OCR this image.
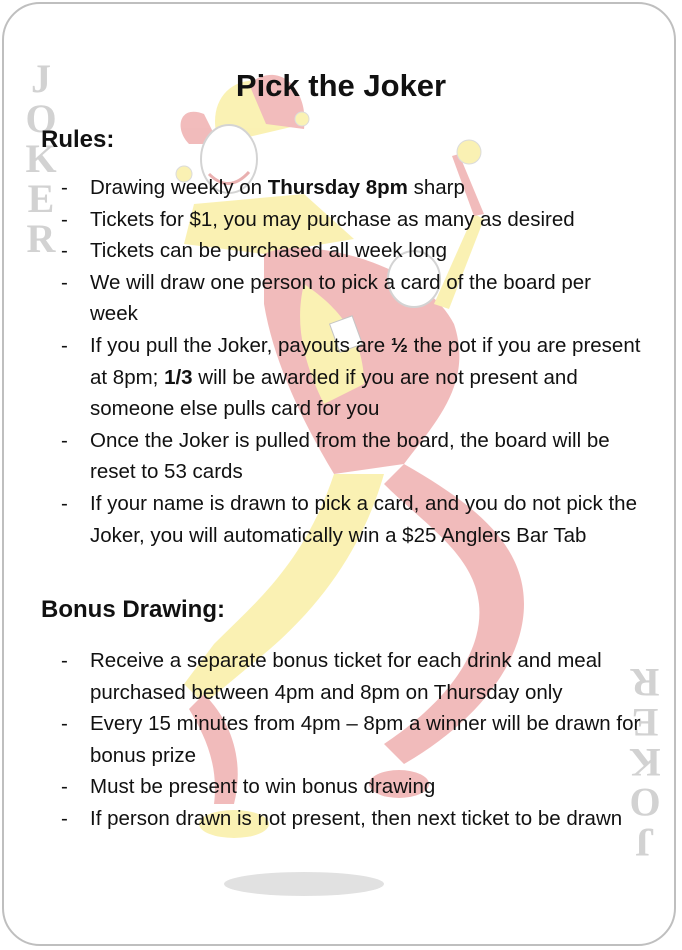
J
O
K
E
R
J
O
K
E
R
Pick the Joker
Rules:
- Drawing weekly on Thursday 8pm sharp
- Tickets for $1, you may purchase as many as desired
- Tickets can be purchased all week long
- We will draw one person to pick a card of the board per week
- If you pull the Joker, payouts are ½ the pot if you are present at 8pm; 1/3 will be awarded if you are not present and someone else pulls card for you
- Once the Joker is pulled from the board, the board will be reset to 53 cards
- If your name is drawn to pick a card, and you do not pick the Joker, you will automatically win a $25 Anglers Bar Tab
Bonus Drawing:
- Receive a separate bonus ticket for each drink and meal purchased between 4pm and 8pm on Thursday only
- Every 15 minutes from 4pm – 8pm a winner will be drawn for bonus prize
- Must be present to win bonus drawing
- If person drawn is not present, then next ticket to be drawn
